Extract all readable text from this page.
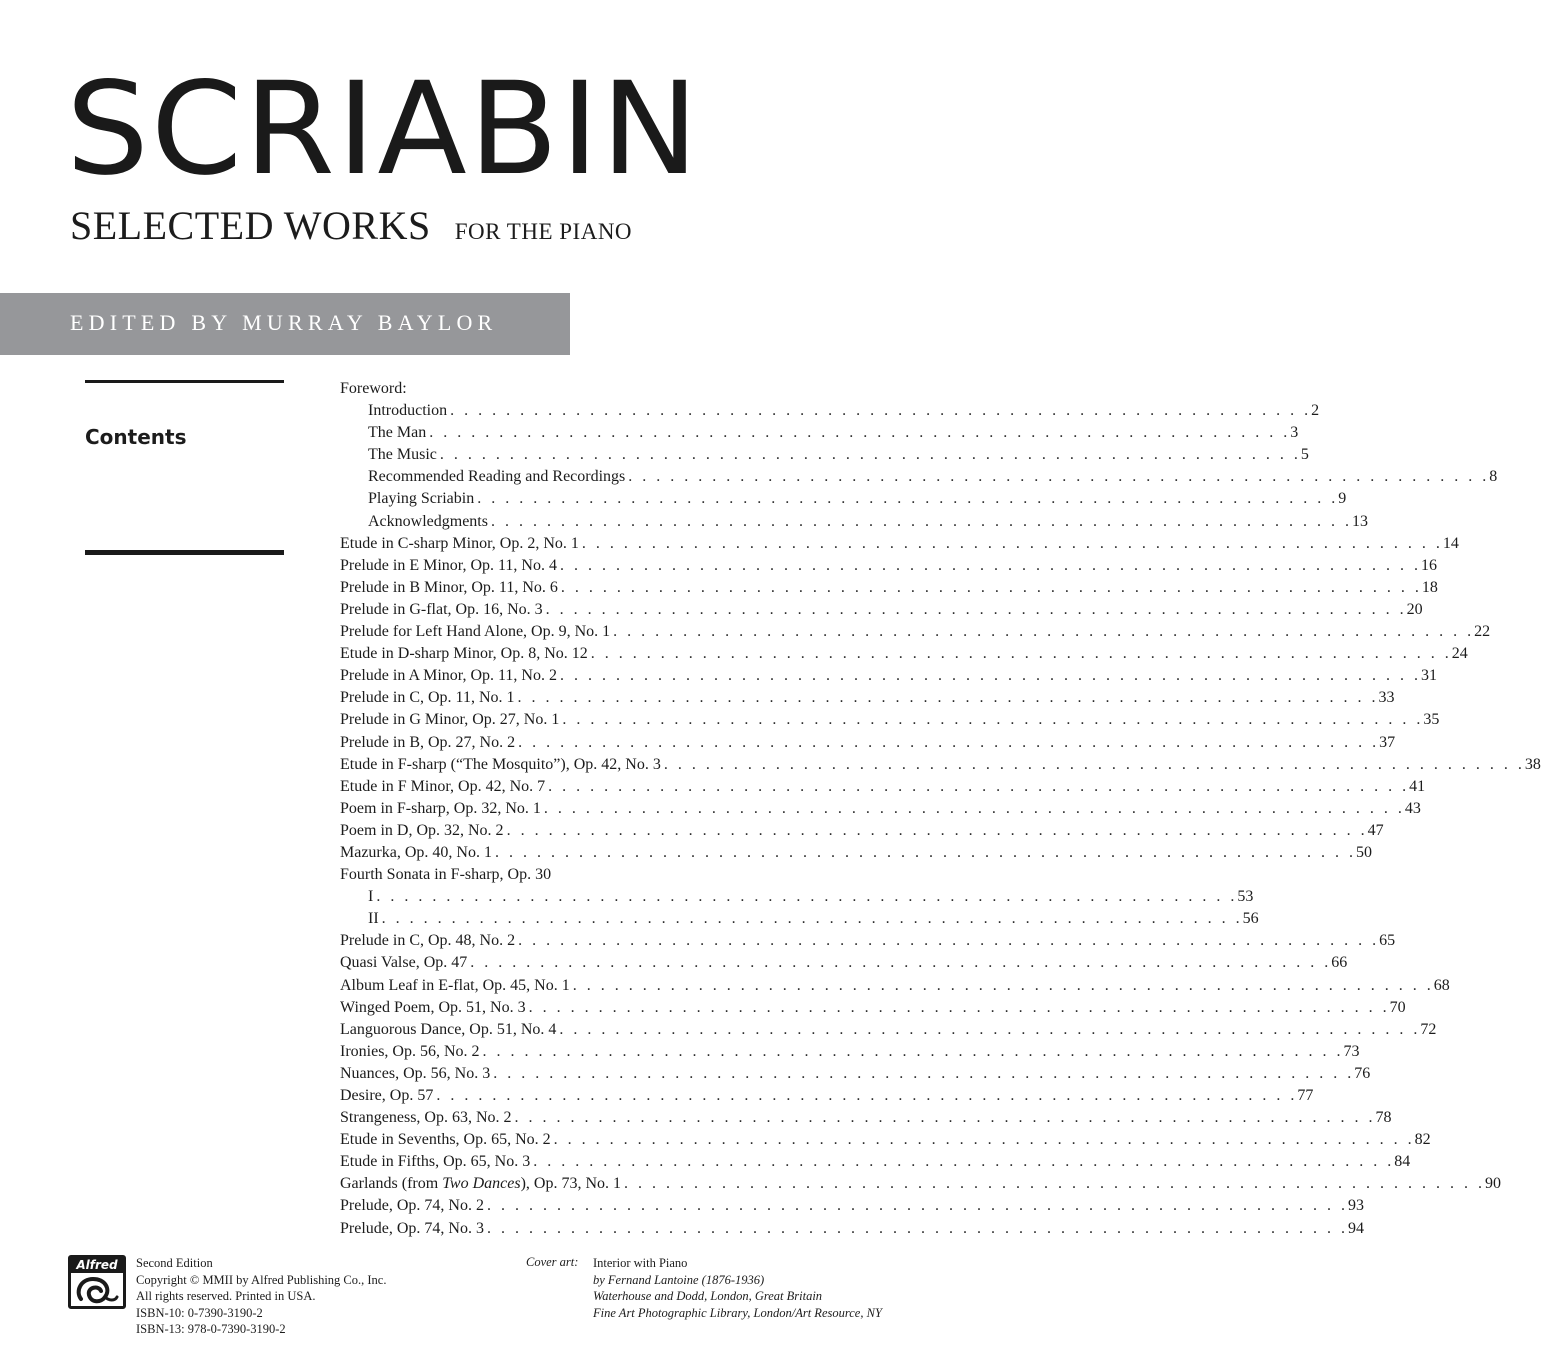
SCRIABIN
SELECTED WORKS FOR THE PIANO
EDITED BY MURRAY BAYLOR
Contents
Foreword:
Introduction . . . . . . . . . . . . . . . . . . . . . . . . . . . . . . . . . . . . . . . . . . . . . . . . . . . . . . . . . . . . . . 2
The Man . . . . . . . . . . . . . . . . . . . . . . . . . . . . . . . . . . . . . . . . . . . . . . . . . . . . . . . . . . . . . . 3
The Music . . . . . . . . . . . . . . . . . . . . . . . . . . . . . . . . . . . . . . . . . . . . . . . . . . . . . . . . . . . . . . 5
Recommended Reading and Recordings . . . . . . . . . . . . . . . . . . . . . . . . . . . . . . . . . . . . . . . . . . . . . . . . . . . . . . . . . . . . . . 8
Playing Scriabin . . . . . . . . . . . . . . . . . . . . . . . . . . . . . . . . . . . . . . . . . . . . . . . . . . . . . . . . . . . . . . 9
Acknowledgments . . . . . . . . . . . . . . . . . . . . . . . . . . . . . . . . . . . . . . . . . . . . . . . . . . . . . . . . . . . . . . 13
Etude in C-sharp Minor, Op. 2, No. 1 . . . . . . . . . . . . . . . . . . . . . . . . . . . . . . . . . . . . . . . . . . . . . . . . . . . . . . . . . . . . . . 14
Prelude in E Minor, Op. 11, No. 4 . . . . . . . . . . . . . . . . . . . . . . . . . . . . . . . . . . . . . . . . . . . . . . . . . . . . . . . . . . . . . . 16
Prelude in B Minor, Op. 11, No. 6 . . . . . . . . . . . . . . . . . . . . . . . . . . . . . . . . . . . . . . . . . . . . . . . . . . . . . . . . . . . . . . 18
Prelude in G-flat, Op. 16, No. 3 . . . . . . . . . . . . . . . . . . . . . . . . . . . . . . . . . . . . . . . . . . . . . . . . . . . . . . . . . . . . . . 20
Prelude for Left Hand Alone, Op. 9, No. 1 . . . . . . . . . . . . . . . . . . . . . . . . . . . . . . . . . . . . . . . . . . . . . . . . . . . . . . . . . . . . . . 22
Etude in D-sharp Minor, Op. 8, No. 12 . . . . . . . . . . . . . . . . . . . . . . . . . . . . . . . . . . . . . . . . . . . . . . . . . . . . . . . . . . . . . . 24
Prelude in A Minor, Op. 11, No. 2 . . . . . . . . . . . . . . . . . . . . . . . . . . . . . . . . . . . . . . . . . . . . . . . . . . . . . . . . . . . . . . 31
Prelude in C, Op. 11, No. 1 . . . . . . . . . . . . . . . . . . . . . . . . . . . . . . . . . . . . . . . . . . . . . . . . . . . . . . . . . . . . . . 33
Prelude in G Minor, Op. 27, No. 1 . . . . . . . . . . . . . . . . . . . . . . . . . . . . . . . . . . . . . . . . . . . . . . . . . . . . . . . . . . . . . . 35
Prelude in B, Op. 27, No. 2 . . . . . . . . . . . . . . . . . . . . . . . . . . . . . . . . . . . . . . . . . . . . . . . . . . . . . . . . . . . . . . 37
Etude in F-sharp (“The Mosquito”), Op. 42, No. 3 . . . . . . . . . . . . . . . . . . . . . . . . . . . . . . . . . . . . . . . . . . . . . . . . . . . . . . . . . . . . . . 38
Etude in F Minor, Op. 42, No. 7 . . . . . . . . . . . . . . . . . . . . . . . . . . . . . . . . . . . . . . . . . . . . . . . . . . . . . . . . . . . . . . 41
Poem in F-sharp, Op. 32, No. 1 . . . . . . . . . . . . . . . . . . . . . . . . . . . . . . . . . . . . . . . . . . . . . . . . . . . . . . . . . . . . . . 43
Poem in D, Op. 32, No. 2 . . . . . . . . . . . . . . . . . . . . . . . . . . . . . . . . . . . . . . . . . . . . . . . . . . . . . . . . . . . . . . 47
Mazurka, Op. 40, No. 1 . . . . . . . . . . . . . . . . . . . . . . . . . . . . . . . . . . . . . . . . . . . . . . . . . . . . . . . . . . . . . . 50
Fourth Sonata in F-sharp, Op. 30
I . . . . . . . . . . . . . . . . . . . . . . . . . . . . . . . . . . . . . . . . . . . . . . . . . . . . . . . . . . . . . . 53
II . . . . . . . . . . . . . . . . . . . . . . . . . . . . . . . . . . . . . . . . . . . . . . . . . . . . . . . . . . . . . . 56
Prelude in C, Op. 48, No. 2 . . . . . . . . . . . . . . . . . . . . . . . . . . . . . . . . . . . . . . . . . . . . . . . . . . . . . . . . . . . . . . 65
Quasi Valse, Op. 47 . . . . . . . . . . . . . . . . . . . . . . . . . . . . . . . . . . . . . . . . . . . . . . . . . . . . . . . . . . . . . . 66
Album Leaf in E-flat, Op. 45, No. 1 . . . . . . . . . . . . . . . . . . . . . . . . . . . . . . . . . . . . . . . . . . . . . . . . . . . . . . . . . . . . . . 68
Winged Poem, Op. 51, No. 3 . . . . . . . . . . . . . . . . . . . . . . . . . . . . . . . . . . . . . . . . . . . . . . . . . . . . . . . . . . . . . . 70
Languorous Dance, Op. 51, No. 4 . . . . . . . . . . . . . . . . . . . . . . . . . . . . . . . . . . . . . . . . . . . . . . . . . . . . . . . . . . . . . . 72
Ironies, Op. 56, No. 2 . . . . . . . . . . . . . . . . . . . . . . . . . . . . . . . . . . . . . . . . . . . . . . . . . . . . . . . . . . . . . . 73
Nuances, Op. 56, No. 3 . . . . . . . . . . . . . . . . . . . . . . . . . . . . . . . . . . . . . . . . . . . . . . . . . . . . . . . . . . . . . . 76
Desire, Op. 57 . . . . . . . . . . . . . . . . . . . . . . . . . . . . . . . . . . . . . . . . . . . . . . . . . . . . . . . . . . . . . . 77
Strangeness, Op. 63, No. 2 . . . . . . . . . . . . . . . . . . . . . . . . . . . . . . . . . . . . . . . . . . . . . . . . . . . . . . . . . . . . . . 78
Etude in Sevenths, Op. 65, No. 2 . . . . . . . . . . . . . . . . . . . . . . . . . . . . . . . . . . . . . . . . . . . . . . . . . . . . . . . . . . . . . . 82
Etude in Fifths, Op. 65, No. 3 . . . . . . . . . . . . . . . . . . . . . . . . . . . . . . . . . . . . . . . . . . . . . . . . . . . . . . . . . . . . . . 84
Garlands (from Two Dances), Op. 73, No. 1 . . . . . . . . . . . . . . . . . . . . . . . . . . . . . . . . . . . . . . . . . . . . . . . . . . . . . . . . . . . . . . 90
Prelude, Op. 74, No. 2 . . . . . . . . . . . . . . . . . . . . . . . . . . . . . . . . . . . . . . . . . . . . . . . . . . . . . . . . . . . . . . 93
Prelude, Op. 74, No. 3 . . . . . . . . . . . . . . . . . . . . . . . . . . . . . . . . . . . . . . . . . . . . . . . . . . . . . . . . . . . . . . 94
Alfred	Second Edition
Copyright © MMII by Alfred Publishing Co., Inc.
All rights reserved. Printed in USA.
ISBN-10: 0-7390-3190-2
ISBN-13: 978-0-7390-3190-2
Cover art: Interior with Piano
by Fernand Lantoine (1876-1936)
Waterhouse and Dodd, London, Great Britain
Fine Art Photographic Library, London/Art Resource, NY
